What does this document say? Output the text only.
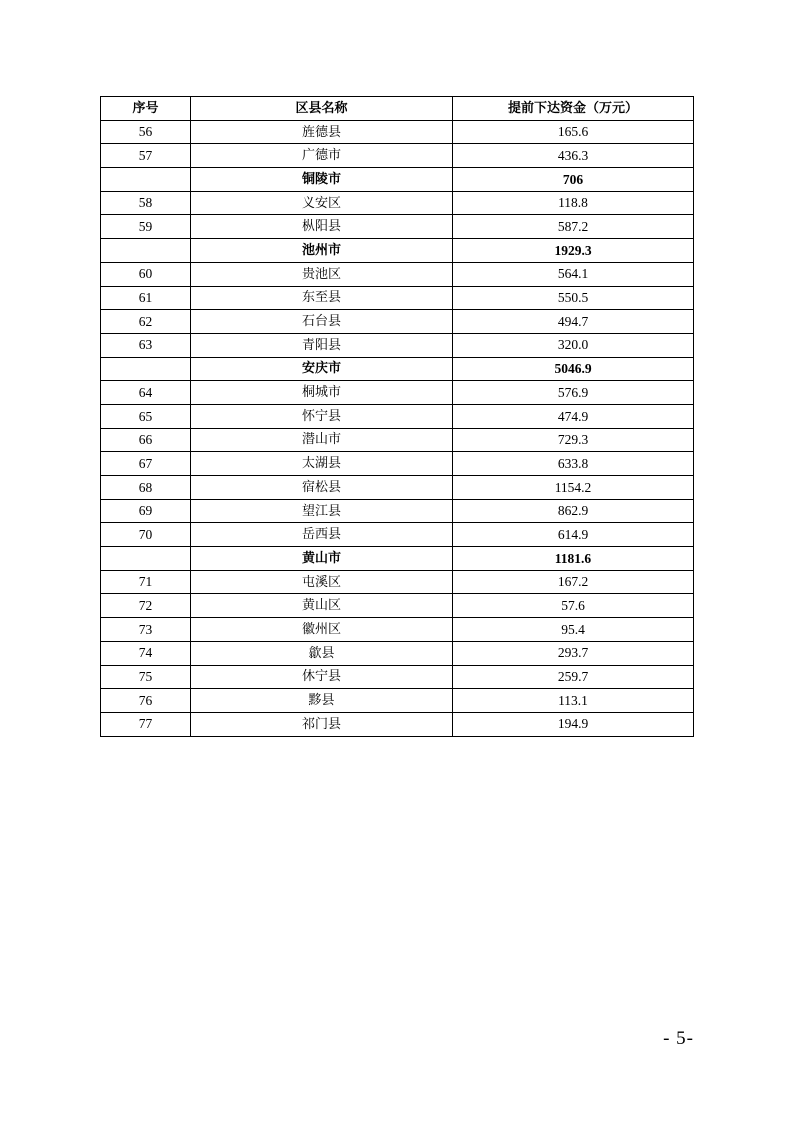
序号	区县名称	提前下达资金（万元）
56	旌德县	165.6
57	广德市	436.3
	铜陵市	706
58	义安区	118.8
59	枞阳县	587.2
	池州市	1929.3
60	贵池区	564.1
61	东至县	550.5
62	石台县	494.7
63	青阳县	320.0
	安庆市	5046.9
64	桐城市	576.9
65	怀宁县	474.9
66	潜山市	729.3
67	太湖县	633.8
68	宿松县	1154.2
69	望江县	862.9
70	岳西县	614.9
	黄山市	1181.6
71	屯溪区	167.2
72	黄山区	57.6
73	徽州区	95.4
74	歙县	293.7
75	休宁县	259.7
76	黟县	113.1
77	祁门县	194.9
- 5-
